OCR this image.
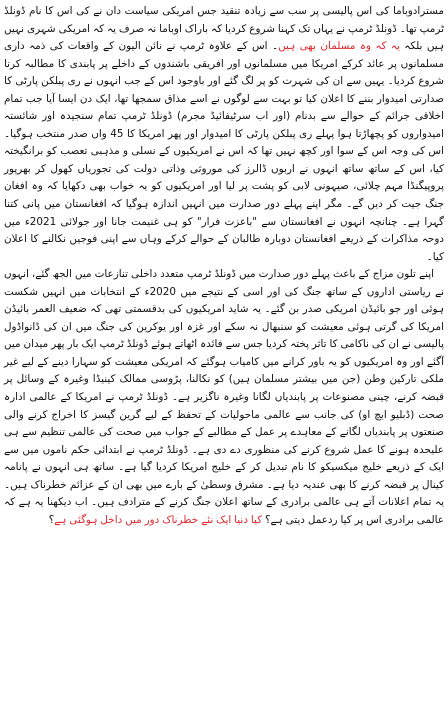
مسترادوباما کی اس پالیسی پر سب سے زیادہ تنقید جس امریکی سیاست دان نے کی اس کا نام ڈونلڈ ٹرمپ تھا۔ ڈونلڈ ٹرمپ نے یہاں تک کہنا شروع کردیا کہ باراک اوباما نہ صرف یہ کہ امریکی شہری نہیں ہیں بلکہ یہ کہ وہ مسلمان بھی ہیں۔ اس کے علاوہ ٹرمپ نے نائن الیون کے واقعات کی ذمہ داری مسلمانوں پر عائد کرکے امریکا میں مسلمانوں اور افریقی باشندوں کے داخلے پر پابندی کا مطالبہ کرنا شروع کردیا۔ یہیں سے ان کی شہرت کو پر لگ گئے اور باوجود اس کے جب انہوں نے ری پبلکن پارٹی کا صدارتی امیدوار بننے کا اعلان کیا تو بہت سے لوگوں نے اسے مذاق سمجھا تھا، ایک دن ایسا آیا جب تمام اخلاقی جرائم کے حوالے سے بدنام (اور اب سرٹیفائیڈ مجرم) ڈونلڈ ٹرمپ تمام سنجیدہ اور شائستہ امیدواروں کو پچھاڑتا ہوا پہلے ری پبلکن پارٹی کا امیدوار اور پھر امریکا کا 45 واں صدر منتخب ہوگیا۔ اس کی وجہ اس کے سوا اور کچھ نہیں تھا کہ اس نے امریکیوں کے نسلی و مذہبی تعصب کو برانگیختہ کیا، اس کے ساتھ ساتھ انہوں نے اربوں ڈالرز کی موروثی وذاتی دولت کی تجوریاں کھول کر بھرپور پروپیگنڈا مہم چلائی، صیہونی لابی کو پشت پر لیا اور امریکیوں کو یہ خواب بھی دکھایا کہ وہ افغان جنگ جیت کر دیں گے۔ مگر اپنے پہلے دور صدارت میں انہیں اندازہ ہوگیا کہ افغانستان میں پانی کتنا گہرا ہے۔ چنانچہ انہوں نے افغانستان سے "باعزت فرار" کو ہی غنیمت جانا اور جولائی 2021ء میں دوحہ مذاکرات کے ذریعے افغانستان دوبارہ طالبان کے حوالے کرکے وہاں سے اپنی فوجیں نکالنے کا اعلان کیا۔

اپنے تلون مزاج کے باعث پہلے دور صدارت میں ڈونلڈ ٹرمپ متعدد داخلی تنازعات میں الجھ گئے، انہوں نے ریاستی اداروں کے ساتھ جنگ کی اور اسی کے نتیجے میں 2020ء کے انتخابات میں انہیں شکست ہوئی اور جو بائیڈن امریکی صدر بن گئے۔ یہ شاید امریکیوں کی بدقسمتی تھی کہ ضعیف العمر بائیڈن امریکا کی گرتی ہوئی معیشت کو سنبھال نہ سکے اور غزہ اور یوکرین کی جنگ میں ان کی ڈانواڈول پالیسی نے ان کی ناکامی کا تاثر پختہ کردیا جس سے فائدہ اٹھاتے ہوئے ڈونلڈ ٹرمپ ایک بار پھر میدان میں آگئے اور وہ امریکیوں کو یہ باور کرانے میں کامیاب ہوگئے کہ امریکی معیشت کو سہارا دینے کے لیے غیر ملکی تارکین وطن (جن میں بیشتر مسلمان ہیں) کو نکالنا، پڑوسی ممالک کینیڈا وغیرہ کے وسائل پر قبضہ کرنے، چینی مصنوعات پر پابندیاں لگانا وغیرہ ناگزیر ہے۔ ڈونلڈ ٹرمپ نے امریکا کے عالمی ادارہ صحت (ڈبلیو ایچ او) کی جانب سے عالمی ماحولیات کے تحفظ کے لیے گرین گیسز کا اخراج کرنے والی صنعتوں پر پابندیاں لگانے کے معاہدے پر عمل کے مطالبے کے جواب میں صحت کی عالمی تنظیم سے ہی علیحدہ ہونے کا عمل شروع کرنے کی منظوری دے دی ہے۔ ڈونلڈ ٹرمپ نے ابتدائی حکم ناموں میں سے ایک کے ذریعے خلیج میکسیکو کا نام تبدیل کر کے خلیج امریکا کردیا گیا ہے۔ ساتھ ہی انہوں نے پانامہ کینال پر قبضہ کرنے کا بھی عندیہ دیا ہے۔ مشرق وسطیٰ کے بارے میں بھی ان کے عزائم خطرناک ہیں۔ یہ تمام اعلانات آتے ہی عالمی برادری کے ساتھ اعلان جنگ کرنے کے مترادف ہیں۔ اب دیکھنا یہ ہے کہ عالمی برادری اس پر کیا ردعمل دیتی ہے؟ کیا دنیا ایک نئے خطرناک دور میں داخل ہوگئی ہے؟
